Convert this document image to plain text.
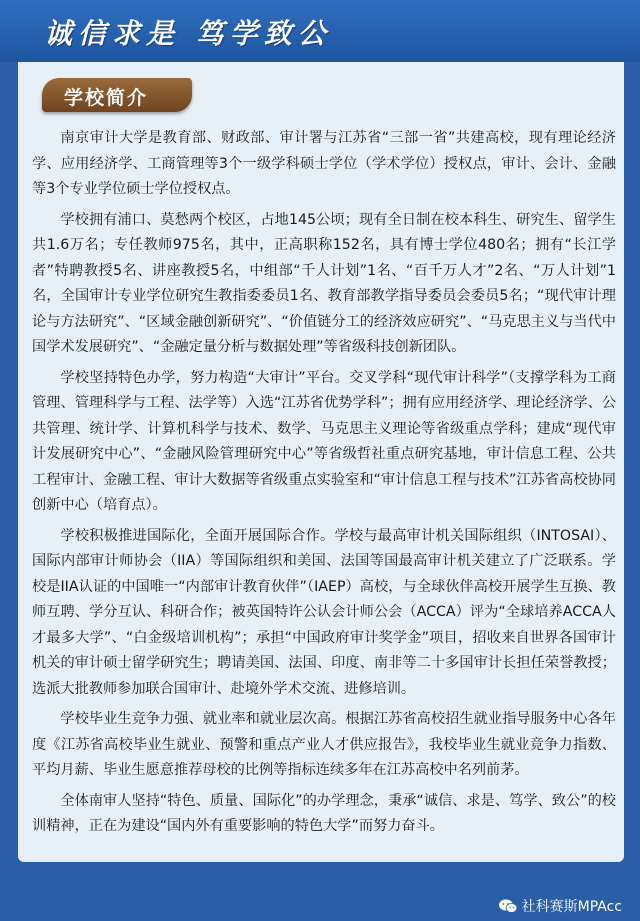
诚信求是 笃学致公
学校简介

南京审计大学是教育部、财政部、审计署与江苏省“三部一省”共建高校，现有理论经济学、应用经济学、工商管理等3个一级学科硕士学位（学术学位）授权点，审计、会计、金融等3个专业学位硕士学位授权点。

学校拥有浦口、莫愁两个校区，占地145公顷；现有全日制在校本科生、研究生、留学生共1.6万名；专任教师975名，其中，正高职称152名，具有博士学位480名；拥有“长江学者”特聘教授5名、讲座教授5名，中组部“千人计划”1名、“百千万人才”2名、“万人计划”1名，全国审计专业学位研究生教指委委员1名、教育部教学指导委员会委员5名；“现代审计理论与方法研究”、“区域金融创新研究”、“价值链分工的经济效应研究”、“马克思主义与当代中国学术发展研究”、“金融定量分析与数据处理”等省级科技创新团队。

学校坚持特色办学，努力构造“大审计”平台。交叉学科“现代审计科学”（支撑学科为工商管理、管理科学与工程、法学等）入选“江苏省优势学科”；拥有应用经济学、理论经济学、公共管理、统计学、计算机科学与技术、数学、马克思主义理论等省级重点学科；建成“现代审计发展研究中心”、“金融风险管理研究中心”等省级哲社重点研究基地，审计信息工程、公共工程审计、金融工程、审计大数据等省级重点实验室和“审计信息工程与技术”江苏省高校协同创新中心（培育点）。

学校积极推进国际化，全面开展国际合作。学校与最高审计机关国际组织（INTOSAI）、国际内部审计师协会（IIA）等国际组织和美国、法国等国最高审计机关建立了广泛联系。学校是IIA认证的中国唯一“内部审计教育伙伴”（IAEP）高校，与全球伙伴高校开展学生互换、教师互聘、学分互认、科研合作；被英国特许公认会计师公会（ACCA）评为“全球培养ACCA人才最多大学”、“白金级培训机构”；承担“中国政府审计奖学金”项目，招收来自世界各国审计机关的审计硕士留学研究生；聘请美国、法国、印度、南非等二十多国审计长担任荣誉教授；选派大批教师参加联合国审计、赴境外学术交流、进修培训。

学校毕业生竞争力强、就业率和就业层次高。根据江苏省高校招生就业指导服务中心各年度《江苏省高校毕业生就业、预警和重点产业人才供应报告》，我校毕业生就业竞争力指数、平均月薪、毕业生愿意推荐母校的比例等指标连续多年在江苏高校中名列前茅。

全体南审人坚持“特色、质量、国际化”的办学理念，秉承“诚信、求是、笃学、致公”的校训精神，正在为建设“国内外有重要影响的特色大学”而努力奋斗。

社科赛斯MPAcc
